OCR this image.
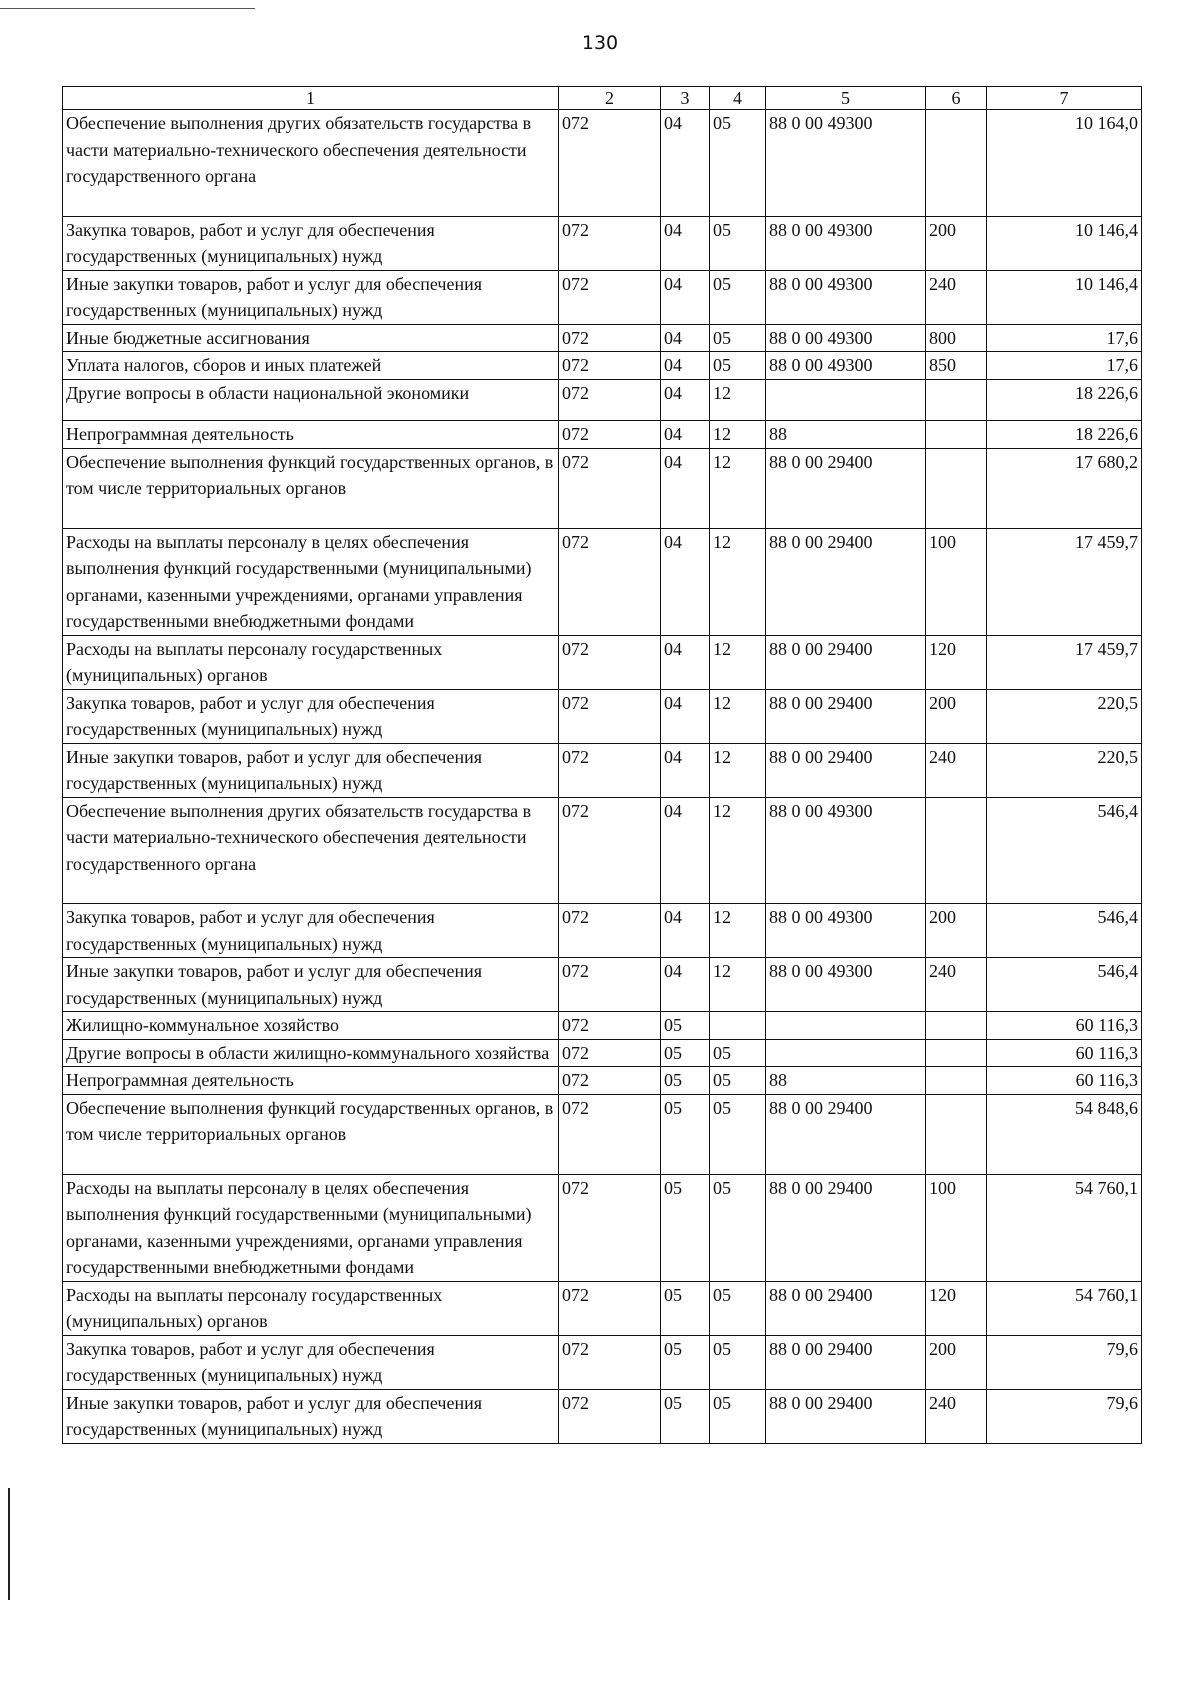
130
1	2	3	4	5	6	7
Обеспечение выполнения других обязательств государства в части материально-технического обеспечения деятельности государственного органа	072	04	05	88 0 00 49300		10 164,0
Закупка товаров, работ и услуг для обеспечения государственных (муниципальных) нужд	072	04	05	88 0 00 49300	200	10 146,4
Иные закупки товаров, работ и услуг для обеспечения государственных (муниципальных) нужд	072	04	05	88 0 00 49300	240	10 146,4
Иные бюджетные ассигнования	072	04	05	88 0 00 49300	800	17,6
Уплата налогов, сборов и иных платежей	072	04	05	88 0 00 49300	850	17,6
Другие вопросы в области национальной экономики	072	04	12			18 226,6
Непрограммная деятельность	072	04	12	88		18 226,6
Обеспечение выполнения функций государственных органов, в том числе территориальных органов	072	04	12	88 0 00 29400		17 680,2
Расходы на выплаты персоналу в целях обеспечения выполнения функций государственными (муниципальными) органами, казенными учреждениями, органами управления государственными внебюджетными фондами	072	04	12	88 0 00 29400	100	17 459,7
Расходы на выплаты персоналу государственных (муниципальных) органов	072	04	12	88 0 00 29400	120	17 459,7
Закупка товаров, работ и услуг для обеспечения государственных (муниципальных) нужд	072	04	12	88 0 00 29400	200	220,5
Иные закупки товаров, работ и услуг для обеспечения государственных (муниципальных) нужд	072	04	12	88 0 00 29400	240	220,5
Обеспечение выполнения других обязательств государства в части материально-технического обеспечения деятельности государственного органа	072	04	12	88 0 00 49300		546,4
Закупка товаров, работ и услуг для обеспечения государственных (муниципальных) нужд	072	04	12	88 0 00 49300	200	546,4
Иные закупки товаров, работ и услуг для обеспечения государственных (муниципальных) нужд	072	04	12	88 0 00 49300	240	546,4
Жилищно-коммунальное хозяйство	072	05				60 116,3
Другие вопросы в области жилищно-коммунального хозяйства	072	05	05			60 116,3
Непрограммная деятельность	072	05	05	88		60 116,3
Обеспечение выполнения функций государственных органов, в том числе территориальных органов	072	05	05	88 0 00 29400		54 848,6
Расходы на выплаты персоналу в целях обеспечения выполнения функций государственными (муниципальными) органами, казенными учреждениями, органами управления государственными внебюджетными фондами	072	05	05	88 0 00 29400	100	54 760,1
Расходы на выплаты персоналу государственных (муниципальных) органов	072	05	05	88 0 00 29400	120	54 760,1
Закупка товаров, работ и услуг для обеспечения государственных (муниципальных) нужд	072	05	05	88 0 00 29400	200	79,6
Иные закупки товаров, работ и услуг для обеспечения государственных (муниципальных) нужд	072	05	05	88 0 00 29400	240	79,6
